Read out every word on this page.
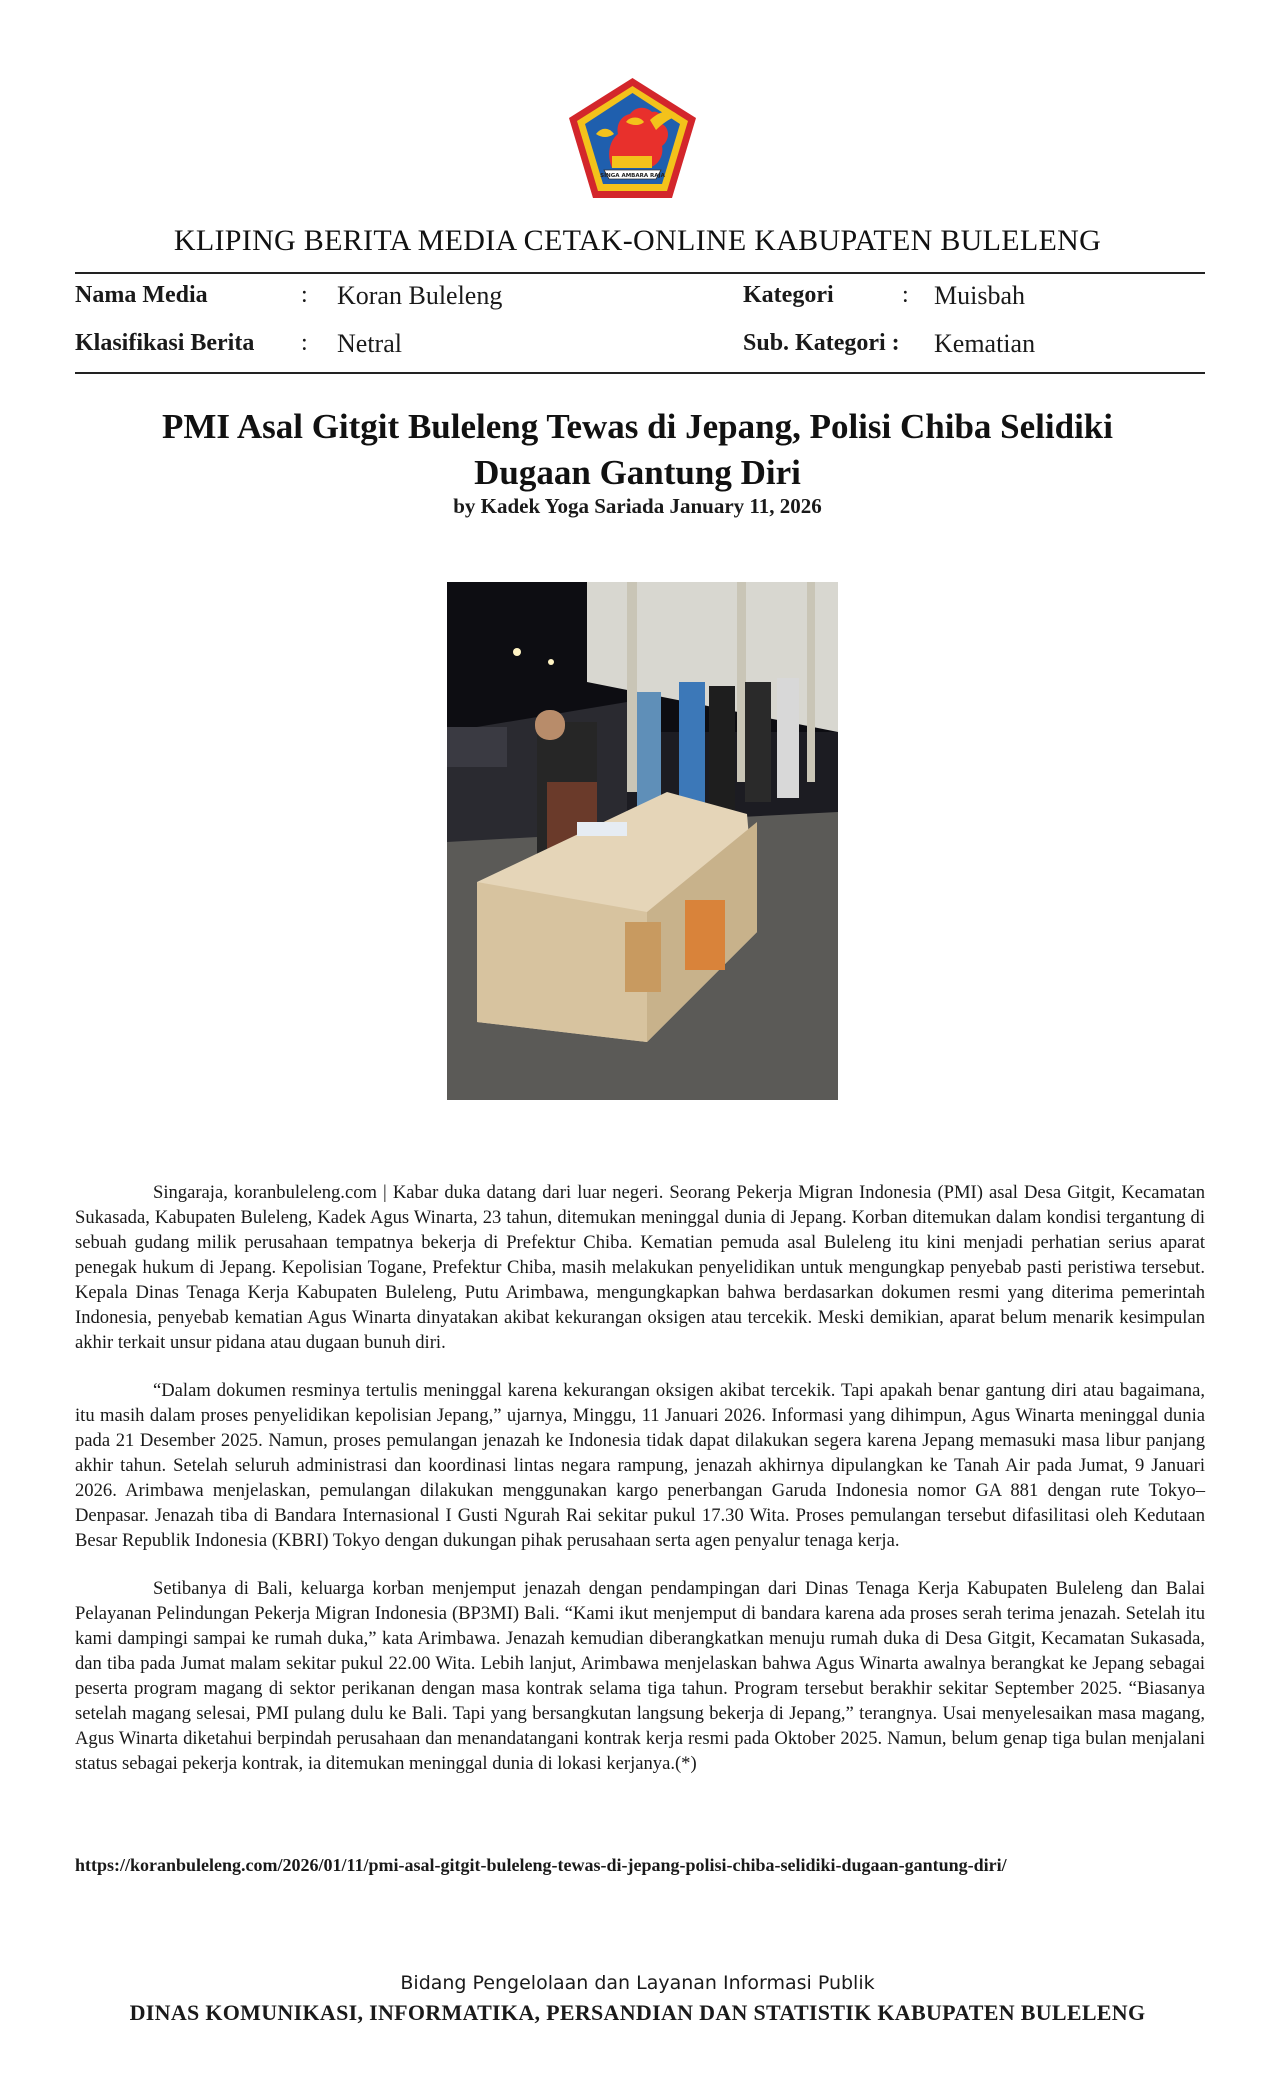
SINGA AMBARA RAJA
KLIPING BERITA MEDIA CETAK-ONLINE KABUPATEN BULELENG
Nama Media	: Koran Buleleng	Kategori	: Muisbah
Klasifikasi Berita : Netral	Sub. Kategori : Kematian
PMI Asal Gitgit Buleleng Tewas di Jepang, Polisi Chiba Selidiki Dugaan Gantung Diri
by Kadek Yoga Sariada January 11, 2026

Singaraja, koranbuleleng.com | Kabar duka datang dari luar negeri. Seorang Pekerja Migran Indonesia (PMI) asal Desa Gitgit, Kecamatan Sukasada, Kabupaten Buleleng, Kadek Agus Winarta, 23 tahun, ditemukan meninggal dunia di Jepang. Korban ditemukan dalam kondisi tergantung di sebuah gudang milik perusahaan tempatnya bekerja di Prefektur Chiba. Kematian pemuda asal Buleleng itu kini menjadi perhatian serius aparat penegak hukum di Jepang. Kepolisian Togane, Prefektur Chiba, masih melakukan penyelidikan untuk mengungkap penyebab pasti peristiwa tersebut. Kepala Dinas Tenaga Kerja Kabupaten Buleleng, Putu Arimbawa, mengungkapkan bahwa berdasarkan dokumen resmi yang diterima pemerintah Indonesia, penyebab kematian Agus Winarta dinyatakan akibat kekurangan oksigen atau tercekik. Meski demikian, aparat belum menarik kesimpulan akhir terkait unsur pidana atau dugaan bunuh diri.

“Dalam dokumen resminya tertulis meninggal karena kekurangan oksigen akibat tercekik. Tapi apakah benar gantung diri atau bagaimana, itu masih dalam proses penyelidikan kepolisian Jepang,” ujarnya, Minggu, 11 Januari 2026. Informasi yang dihimpun, Agus Winarta meninggal dunia pada 21 Desember 2025. Namun, proses pemulangan jenazah ke Indonesia tidak dapat dilakukan segera karena Jepang memasuki masa libur panjang akhir tahun. Setelah seluruh administrasi dan koordinasi lintas negara rampung, jenazah akhirnya dipulangkan ke Tanah Air pada Jumat, 9 Januari 2026. Arimbawa menjelaskan, pemulangan dilakukan menggunakan kargo penerbangan Garuda Indonesia nomor GA 881 dengan rute Tokyo–Denpasar. Jenazah tiba di Bandara Internasional I Gusti Ngurah Rai sekitar pukul 17.30 Wita. Proses pemulangan tersebut difasilitasi oleh Kedutaan Besar Republik Indonesia (KBRI) Tokyo dengan dukungan pihak perusahaan serta agen penyalur tenaga kerja.

Setibanya di Bali, keluarga korban menjemput jenazah dengan pendampingan dari Dinas Tenaga Kerja Kabupaten Buleleng dan Balai Pelayanan Pelindungan Pekerja Migran Indonesia (BP3MI) Bali. “Kami ikut menjemput di bandara karena ada proses serah terima jenazah. Setelah itu kami dampingi sampai ke rumah duka,” kata Arimbawa. Jenazah kemudian diberangkatkan menuju rumah duka di Desa Gitgit, Kecamatan Sukasada, dan tiba pada Jumat malam sekitar pukul 22.00 Wita. Lebih lanjut, Arimbawa menjelaskan bahwa Agus Winarta awalnya berangkat ke Jepang sebagai peserta program magang di sektor perikanan dengan masa kontrak selama tiga tahun. Program tersebut berakhir sekitar September 2025. “Biasanya setelah magang selesai, PMI pulang dulu ke Bali. Tapi yang bersangkutan langsung bekerja di Jepang,” terangnya. Usai menyelesaikan masa magang, Agus Winarta diketahui berpindah perusahaan dan menandatangani kontrak kerja resmi pada Oktober 2025. Namun, belum genap tiga bulan menjalani status sebagai pekerja kontrak, ia ditemukan meninggal dunia di lokasi kerjanya.(*)

https://koranbuleleng.com/2026/01/11/pmi-asal-gitgit-buleleng-tewas-di-jepang-polisi-chiba-selidiki-dugaan-gantung-diri/
Bidang Pengelolaan dan Layanan Informasi Publik
DINAS KOMUNIKASI, INFORMATIKA, PERSANDIAN DAN STATISTIK KABUPATEN BULELENG
